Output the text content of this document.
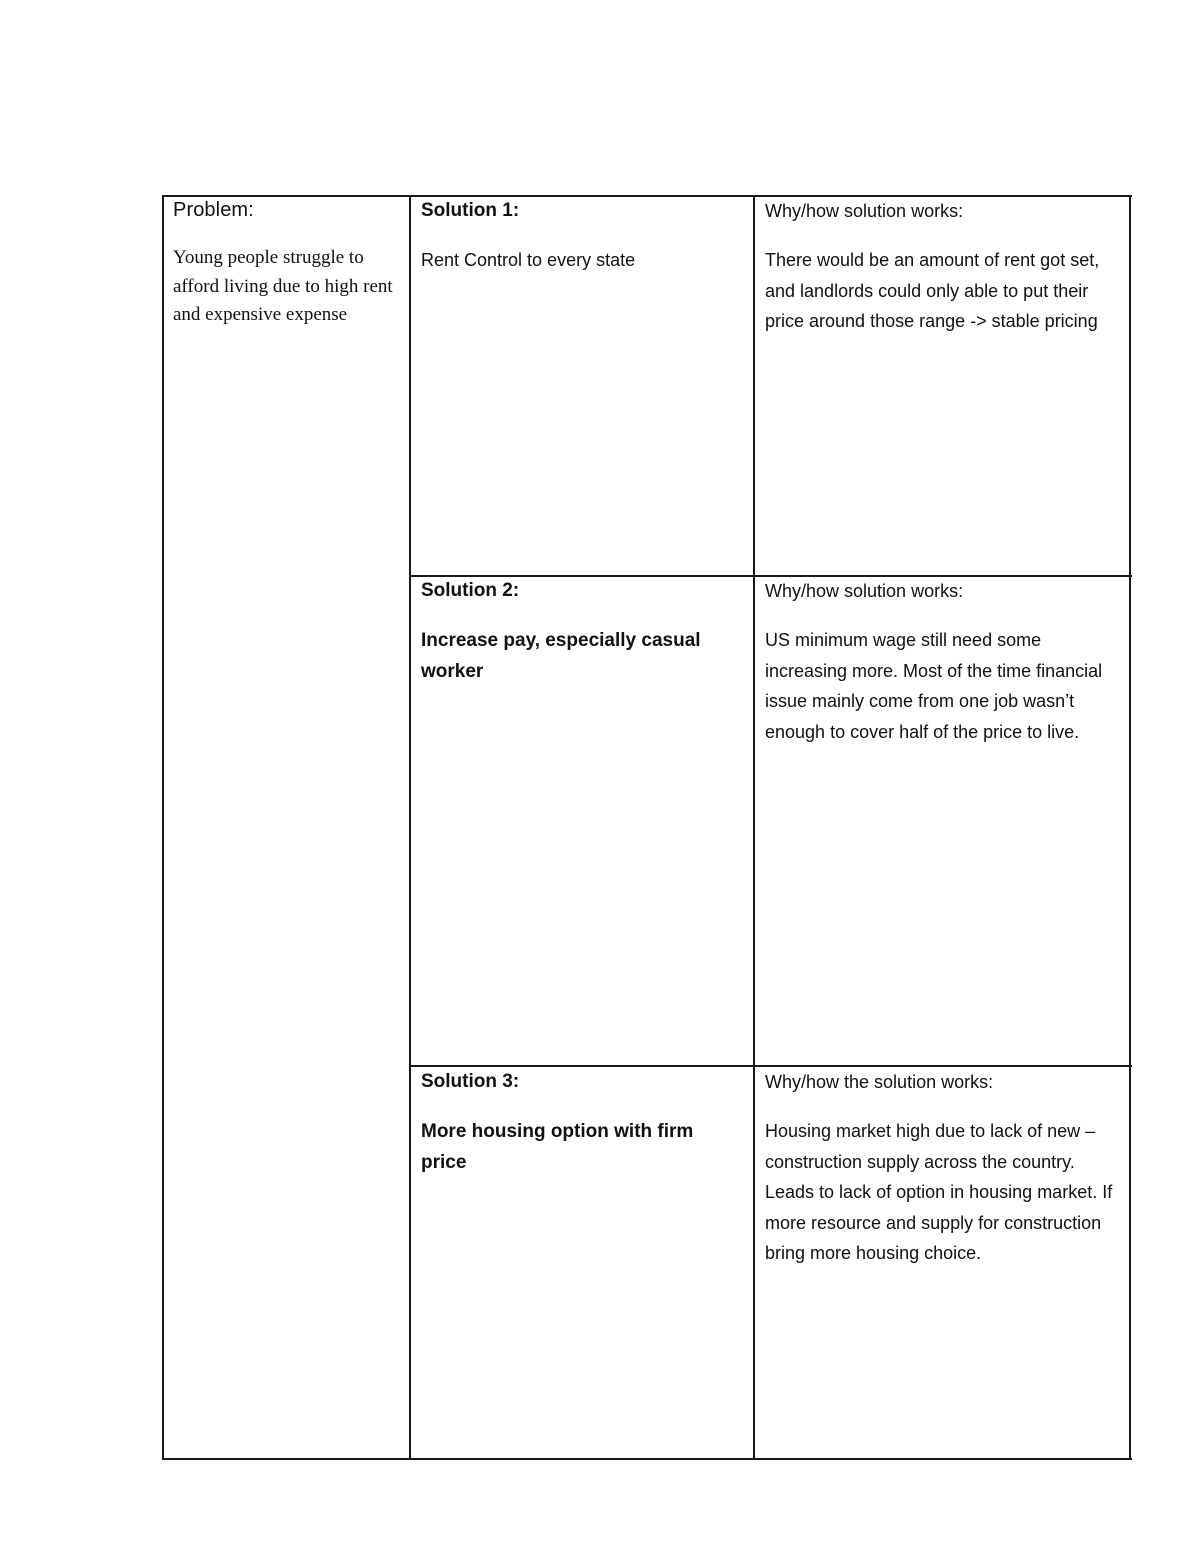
Problem:
Young people struggle to afford living due to high rent and expensive expense
Solution 1:
Rent Control to every state
Why/how solution works:
There would be an amount of rent got set, and landlords could only able to put their price around those range -> stable pricing
Solution 2:
Increase pay, especially casual worker
Why/how solution works:
US minimum wage still need some increasing more. Most of the time financial issue mainly come from one job wasn’t enough to cover half of the price to live.
Solution 3:
More housing option with firm price
Why/how the solution works:
Housing market high due to lack of new – construction supply across the country. Leads to lack of option in housing market. If more resource and supply for construction bring more housing choice.
